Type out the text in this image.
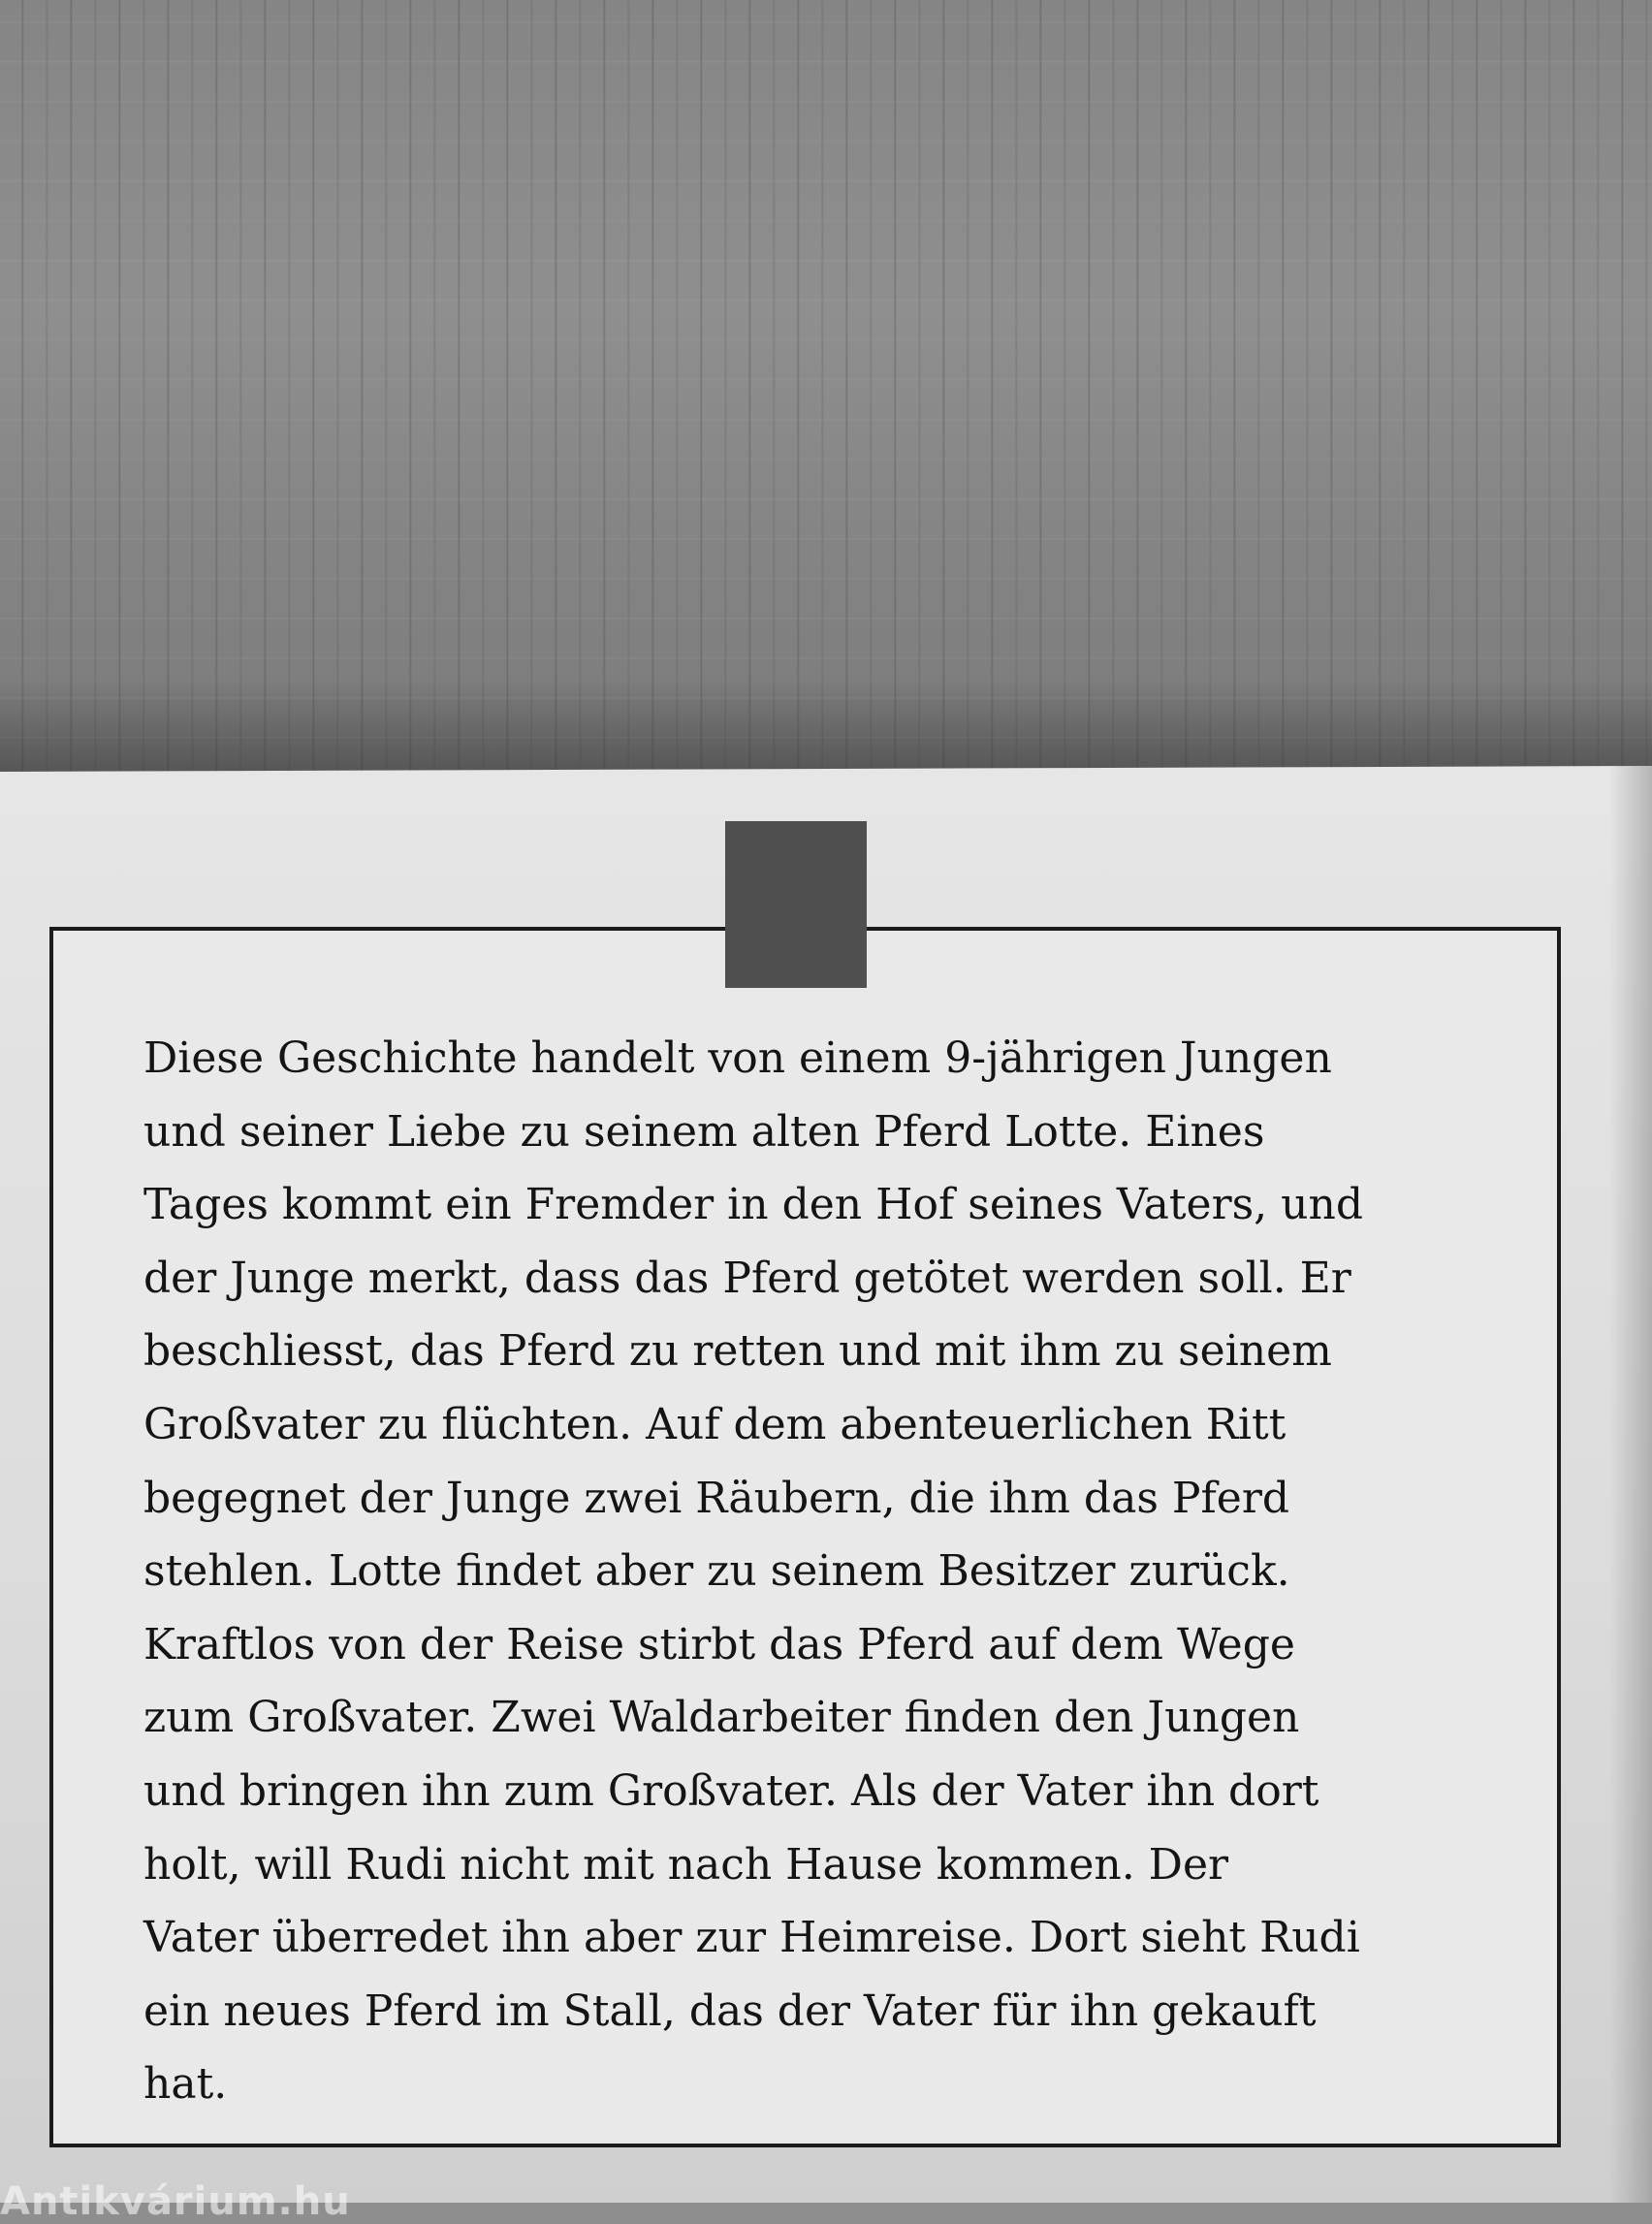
Diese Geschichte handelt von einem 9-jährigen Jungen
und seiner Liebe zu seinem alten Pferd Lotte. Eines
Tages kommt ein Fremder in den Hof seines Vaters, und
der Junge merkt, dass das Pferd getötet werden soll. Er
beschliesst, das Pferd zu retten und mit ihm zu seinem
Großvater zu flüchten. Auf dem abenteuerlichen Ritt
begegnet der Junge zwei Räubern, die ihm das Pferd
stehlen. Lotte findet aber zu seinem Besitzer zurück.
Kraftlos von der Reise stirbt das Pferd auf dem Wege
zum Großvater. Zwei Waldarbeiter finden den Jungen
und bringen ihn zum Großvater. Als der Vater ihn dort
holt, will Rudi nicht mit nach Hause kommen. Der
Vater überredet ihn aber zur Heimreise. Dort sieht Rudi
ein neues Pferd im Stall, das der Vater für ihn gekauft
hat.

Antikvárium.hu
